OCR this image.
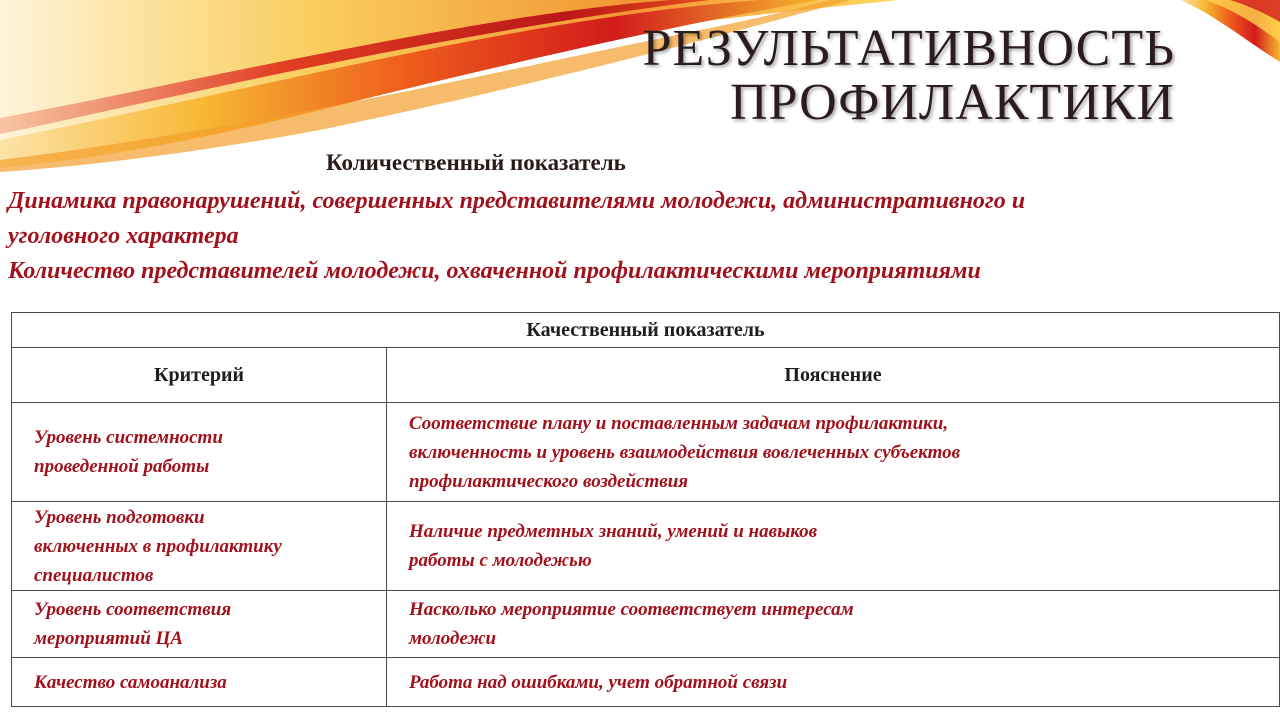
РЕЗУЛЬТАТИВНОСТЬ
ПРОФИЛАКТИКИ
Количественный показатель
Динамика правонарушений, совершенных представителями молодежи, административного и
уголовного характера
Количество представителей молодежи, охваченной профилактическими мероприятиями
Качественный показатель	
Критерий	Пояснение

Уровень системности
проведенной работы	Соответствие плану и поставленным задачам профилактики,
включенность и уровень взаимодействия вовлеченных субъектов
профилактического воздействия

Уровень подготовки
включенных в профилактику
специалистов	Наличие предметных знаний, умений и навыков
работы с молодежью

Уровень соответствия
мероприятий ЦА	Насколько мероприятие соответствует интересам
молодежи

Качество самоанализа	Работа над ошибками, учет обратной связи
